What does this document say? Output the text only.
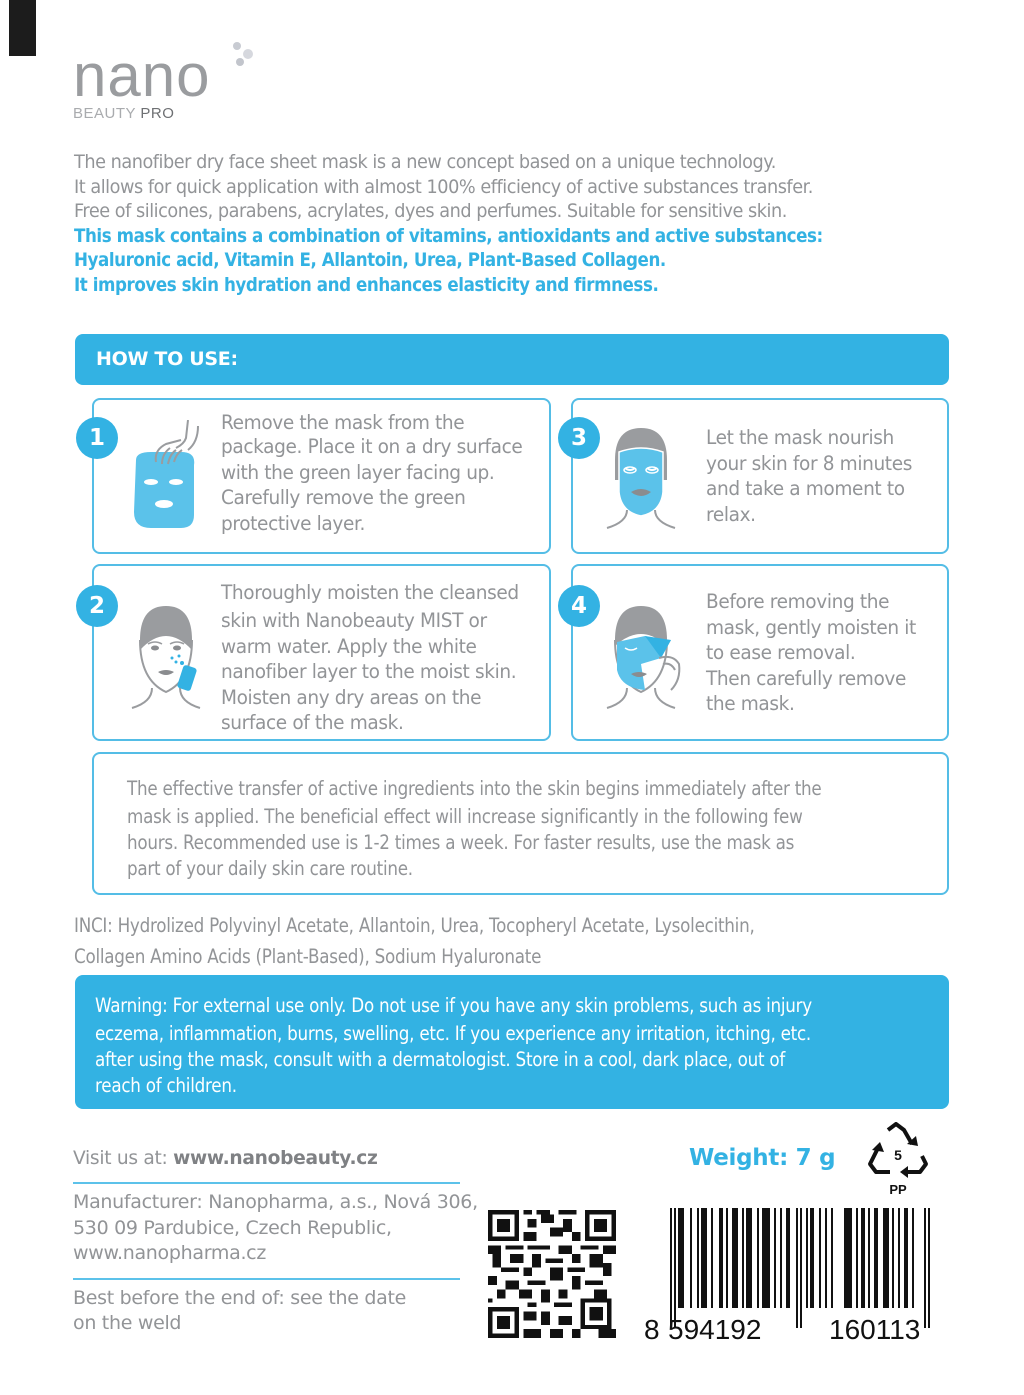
nano
BEAUTY PRO

The nanofiber dry face sheet mask is a new concept based on a unique technology.

It allows for quick application with almost 100% efficiency of active substances transfer.

Free of silicones, parabens, acrylates, dyes and perfumes. Suitable for sensitive skin.

This mask contains a combination of vitamins, antioxidants and active substances:

Hyaluronic acid, Vitamin E, Allantoin, Urea, Plant-Based Collagen.

It improves skin hydration and enhances elasticity and firmness.

HOW TO USE:
Remove the mask from the
package. Place it on a dry surface
with the green layer facing up.
Carefully remove the green
protective layer.
1	Let the mask nourish
your skin for 8 minutes
and take a moment to
relax.
3
Thoroughly moisten the cleansed
skin with Nanobeauty MIST or
warm water. Apply the white
nanofiber layer to the moist skin.
Moisten any dry areas on the
surface of the mask.
2	Before removing the
mask, gently moisten it
to ease removal.
Then carefully remove
the mask.
4
The effective transfer of active ingredients into the skin begins immediately after the
mask is applied. The beneficial effect will increase significantly in the following few
hours. Recommended use is 1-2 times a week. For faster results, use the mask as
part of your daily skin care routine.
INCI: Hydrolized Polyvinyl Acetate, Allantoin, Urea, Tocopheryl Acetate, Lysolecithin,
Collagen Amino Acids (Plant-Based), Sodium Hyaluronate
Warning: For external use only. Do not use if you have any skin problems, such as injury
eczema, inflammation, burns, swelling, etc. If you experience any irritation, itching, etc.
after using the mask, consult with a dermatologist. Store in a cool, dark place, out of
reach of children.
Visit us at: www.nanobeauty.cz
Manufacturer: Nanopharma, a.s., Nová 306,
530 09 Pardubice, Czech Republic,
www.nanopharma.cz
Best before the end of: see the date
on the weld
Weight: 7 g	5
PP
8 594192 160113
